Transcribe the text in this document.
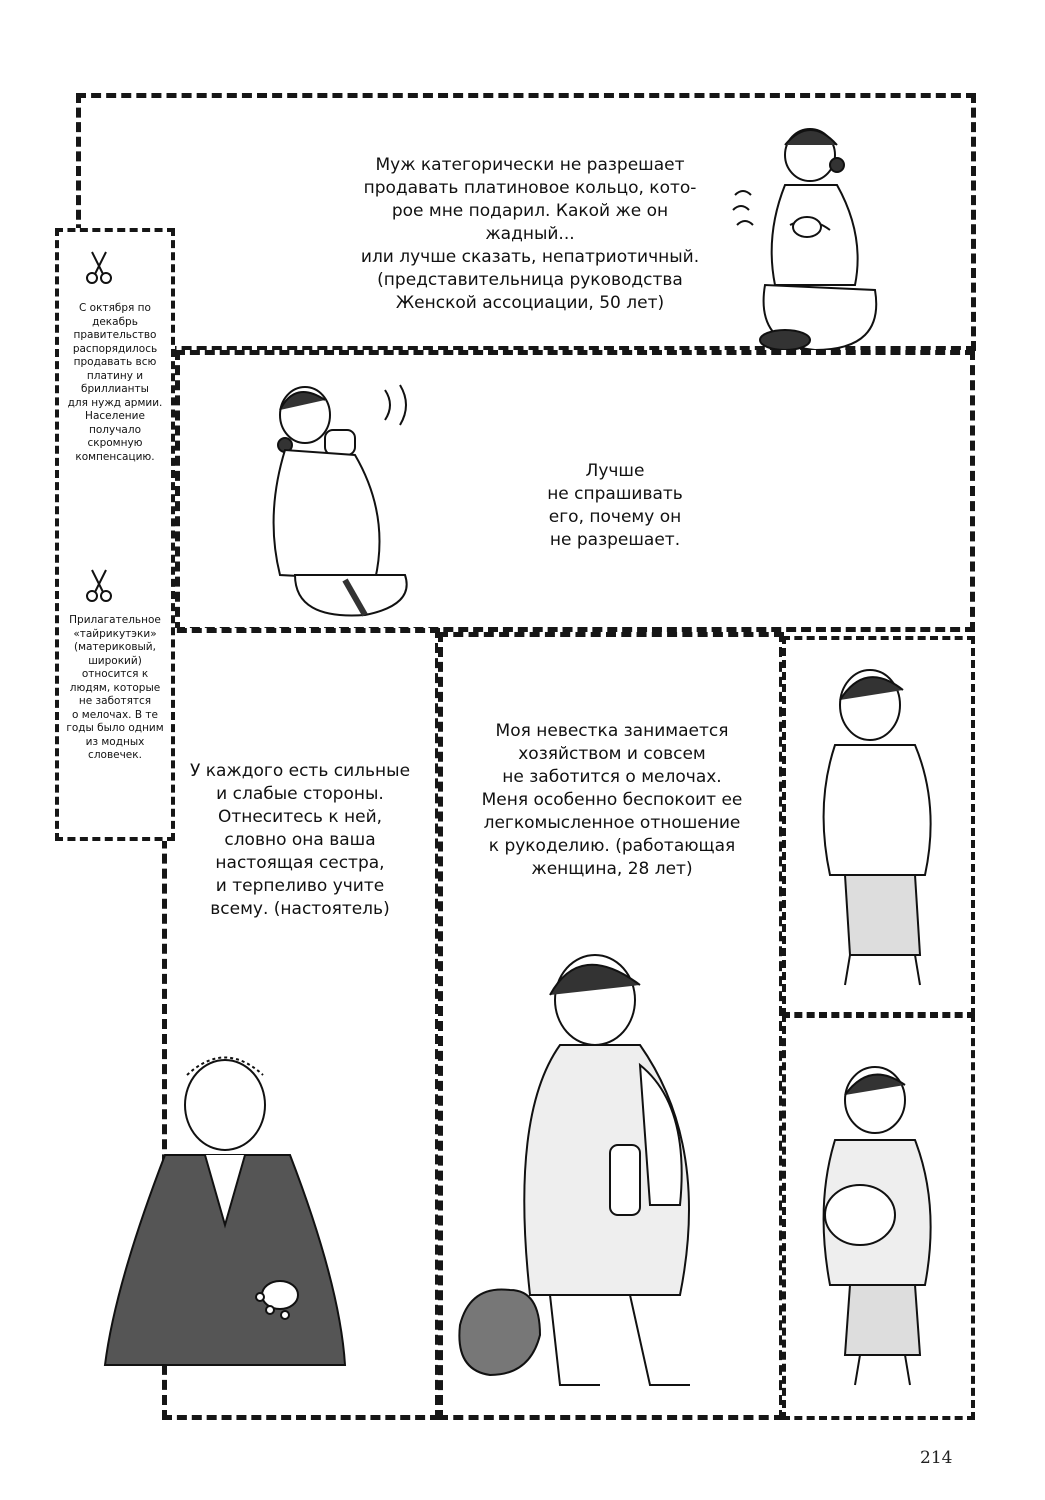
Муж категорически не разрешает
продавать платиновое кольцо, кото-
рое мне подарил. Какой же он жадный...
или лучше сказать, непатриотичный.
(представительница руководства
Женской ассоциации, 50 лет)
Лучше
не спрашивать
его, почему он
не разрешает.
У каждого есть сильные
и слабые стороны.
Отнеситесь к ней,
словно она ваша
настоящая сестра,
и терпеливо учите
всему. (настоятель)
Моя невестка занимается
хозяйством и совсем
не заботится о мелочах.
Меня особенно беспокоит ее
легкомысленное отношение
к рукоделию. (работающая
женщина, 28 лет)
С октября по
декабрь
правительство
распорядилось
продавать всю
платину и
бриллианты
для нужд армии.
Население
получало
скромную
компенсацию.
Прилагательное
«тайрикутэки»
(материковый,
широкий)
относится к
людям, которые
не заботятся
о мелочах. В те
годы было одним
из модных
словечек.
214
